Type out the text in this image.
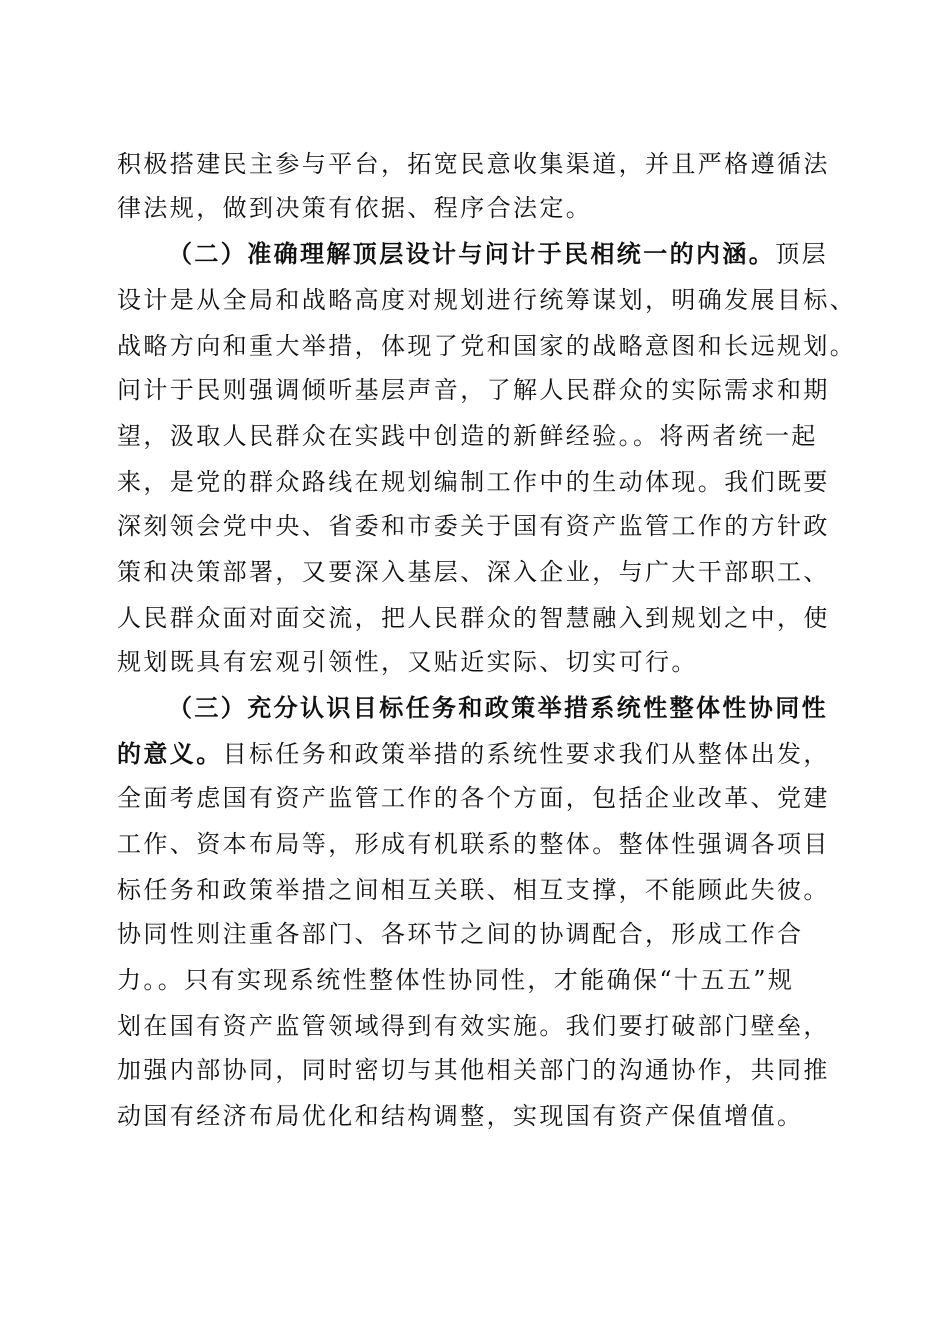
积极搭建民主参与平台，拓宽民意收集渠道，并且严格遵循法
律法规，做到决策有依据、程序合法定。
（二）准确理解顶层设计与问计于民相统一的内涵。顶层
设计是从全局和战略高度对规划进行统筹谋划，明确发展目标、
战略方向和重大举措，体现了党和国家的战略意图和长远规划。
问计于民则强调倾听基层声音，了解人民群众的实际需求和期
望，汲取人民群众在实践中创造的新鲜经验。。将两者统一起
来，是党的群众路线在规划编制工作中的生动体现。我们既要
深刻领会党中央、省委和市委关于国有资产监管工作的方针政
策和决策部署，又要深入基层、深入企业，与广大干部职工、
人民群众面对面交流，把人民群众的智慧融入到规划之中，使
规划既具有宏观引领性，又贴近实际、切实可行。
（三）充分认识目标任务和政策举措系统性整体性协同性
的意义。目标任务和政策举措的系统性要求我们从整体出发，
全面考虑国有资产监管工作的各个方面，包括企业改革、党建
工作、资本布局等，形成有机联系的整体。整体性强调各项目
标任务和政策举措之间相互关联、相互支撑，不能顾此失彼。
协同性则注重各部门、各环节之间的协调配合，形成工作合
力。。只有实现系统性整体性协同性，才能确保“十五五”规
划在国有资产监管领域得到有效实施。我们要打破部门壁垒，
加强内部协同，同时密切与其他相关部门的沟通协作，共同推
动国有经济布局优化和结构调整，实现国有资产保值增值。
